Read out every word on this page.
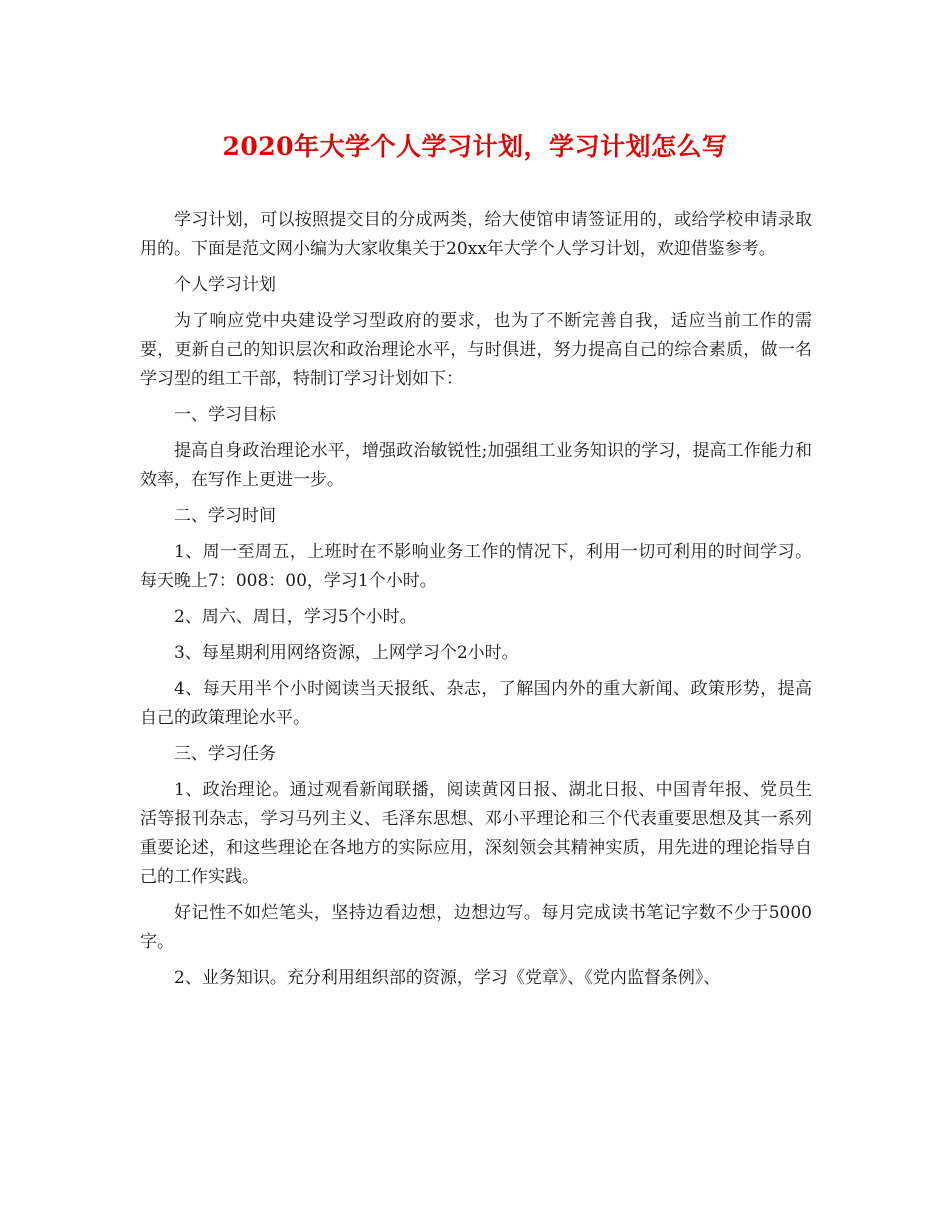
2020年大学个人学习计划，学习计划怎么写

学习计划，可以按照提交目的分成两类，给大使馆申请签证用的，或给学校申请录取用的。下面是范文网小编为大家收集关于20xx年大学个人学习计划，欢迎借鉴参考。

个人学习计划

为了响应党中央建设学习型政府的要求，也为了不断完善自我，适应当前工作的需要，更新自己的知识层次和政治理论水平，与时俱进，努力提高自己的综合素质，做一名学习型的组工干部，特制订学习计划如下：

一、学习目标

提高自身政治理论水平，增强政治敏锐性;加强组工业务知识的学习，提高工作能力和效率，在写作上更进一步。

二、学习时间

1、周一至周五，上班时在不影响业务工作的情况下，利用一切可利用的时间学习。每天晚上7：008：00，学习1个小时。

2、周六、周日，学习5个小时。

3、每星期利用网络资源，上网学习个2小时。

4、每天用半个小时阅读当天报纸、杂志，了解国内外的重大新闻、政策形势，提高自己的政策理论水平。

三、学习任务

1、政治理论。通过观看新闻联播，阅读黄冈日报、湖北日报、中国青年报、党员生活等报刊杂志，学习马列主义、毛泽东思想、邓小平理论和三个代表重要思想及其一系列重要论述，和这些理论在各地方的实际应用，深刻领会其精神实质，用先进的理论指导自己的工作实践。

好记性不如烂笔头，坚持边看边想，边想边写。每月完成读书笔记字数不少于5000字。

2、业务知识。充分利用组织部的资源，学习《党章》、《党内监督条例》、
